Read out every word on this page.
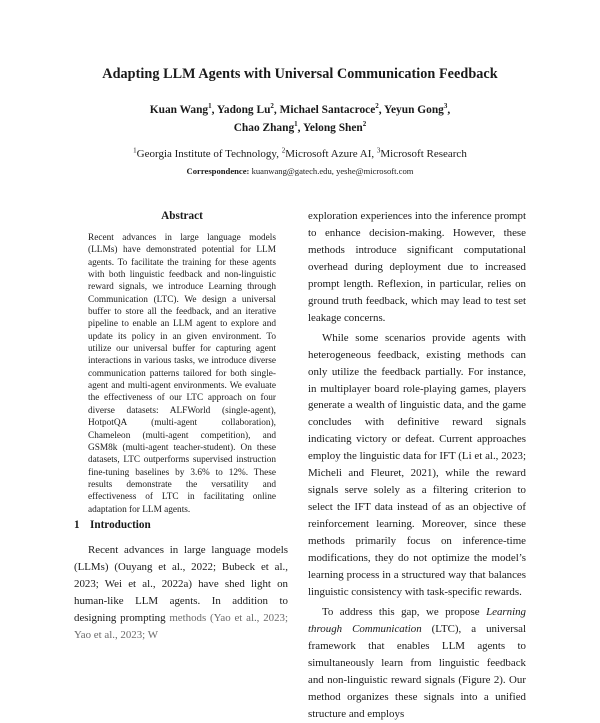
Adapting LLM Agents with Universal Communication Feedback
Kuan Wang$^1$, Yadong Lu$^2$, Michael Santacroce$^2$, Yeyun Gong$^3$,
Chao Zhang$^1$, Yelong Shen$^2$
$^1$Georgia Institute of Technology, $^2$Microsoft Azure AI, $^3$Microsoft Research
Correspondence: kuanwang@gatech.edu, yeshe@microsoft.com
Abstract

Recent advances in large language models (LLMs) have demonstrated potential for LLM agents. To facilitate the training for these agents with both linguistic feedback and non-linguistic reward signals, we introduce Learning through Communication (LTC). We design a universal buffer to store all the feedback, and an iterative pipeline to enable an LLM agent to explore and update its policy in an given environment. To utilize our universal buffer for capturing agent interactions in various tasks, we introduce diverse communication patterns tailored for both single-agent and multi-agent environments. We evaluate the effectiveness of our LTC approach on four diverse datasets: ALFWorld (single-agent), HotpotQA (multi-agent collaboration), Chameleon (multi-agent competition), and GSM8k (multi-agent teacher-student). On these datasets, LTC outperforms supervised instruction fine-tuning baselines by 3.6% to 12%. These results demonstrate the versatility and effectiveness of LTC in facilitating online adaptation for LLM agents.

1 Introduction

Recent advances in large language models (LLMs) (Ouyang et al., 2022; Bubeck et al., 2023; Wei et al., 2022a) have shed light on human-like LLM agents. In addition to designing prompting methods (Yao et al., 2023; Yao et al., 2023; W

exploration experiences into the inference prompt to enhance decision-making. However, these methods introduce significant computational overhead during deployment due to increased prompt length. Reflexion, in particular, relies on ground truth feedback, which may lead to test set leakage concerns.

While some scenarios provide agents with heterogeneous feedback, existing methods can only utilize the feedback partially. For instance, in multiplayer board role-playing games, players generate a wealth of linguistic data, and the game concludes with definitive reward signals indicating victory or defeat. Current approaches employ the linguistic data for IFT (Li et al., 2023; Micheli and Fleuret, 2021), while the reward signals serve solely as a filtering criterion to select the IFT data instead of as an objective of reinforcement learning. Moreover, since these methods primarily focus on inference-time modifications, they do not optimize the model’s learning process in a structured way that balances linguistic consistency with task-specific rewards.

To address this gap, we propose Learning through Communication (LTC), a universal framework that enables LLM agents to simultaneously learn from linguistic feedback and non-linguistic reward signals (Figure 2). Our method organizes these signals into a unified structure and employs
